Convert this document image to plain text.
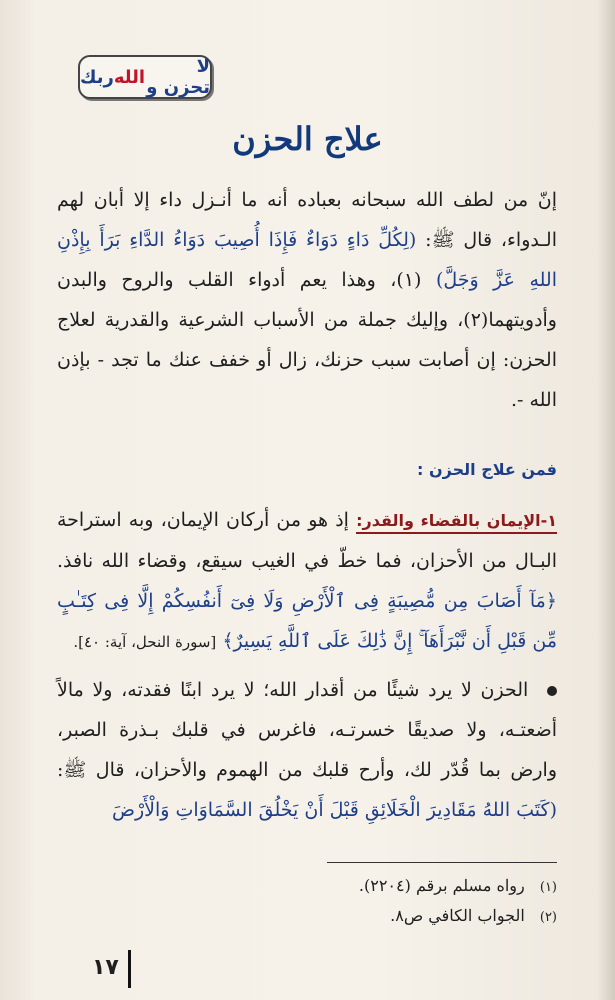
لا تحزن و
الله
ربك
علاج الحزن
إنّ من لطف الله سبحانه بعباده أنه ما أنـزل داء إلا أبان لهم الـدواء، قال ﷺ: (لِكُلِّ دَاءٍ دَوَاءٌ فَإِذَا أُصِيبَ دَوَاءُ الدَّاءِ بَرَأَ بِإِذْنِ اللهِ عَزَّ وَجَلَّ) (١)، وهذا يعم أدواء القلب والروح والبدن وأدويتهما(٢)، وإليك جملة من الأسباب الشرعية والقدرية لعلاج الحزن: إن أصابت سبب حزنك، زال أو خفف عنك ما تجد - بإذن الله -.
فمن علاج الحزن :
١-الإيمان بالقضاء والقدر: إذ هو من أركان الإيمان، وبه استراحة البـال من الأحزان، فما خطّ في الغيب سيقع، وقضاء الله نافذ. ﴿مَآ أَصَابَ مِن مُّصِيبَةٍ فِى ٱلْأَرْضِ وَلَا فِىٓ أَنفُسِكُمْ إِلَّا فِى كِتَـٰبٍ مِّن قَبْلِ أَن نَّبْرَأَهَآ ۚ إِنَّ ذَٰلِكَ عَلَى ٱللَّهِ يَسِيرٌ﴾ [سورة النحل، آية: ٤٠].
الحزن لا يرد شيئًا من أقدار الله؛ لا يرد ابنًا فقدته، ولا مالاً أضعتـه، ولا صديقًا خسرتـه، فاغرس في قلبك بـذرة الصبر، وارض بما قُدّر لك، وأرح قلبك من الهموم والأحزان، قال ﷺ: (كَتَبَ اللهُ مَقَادِيرَ الْخَلَائِقِ قَبْلَ أَنْ يَخْلُقَ السَّمَاوَاتِ وَالْأَرْضَ
(١) رواه مسلم برقم (٢٢٠٤).
(٢) الجواب الكافي ص٨.
١٧
